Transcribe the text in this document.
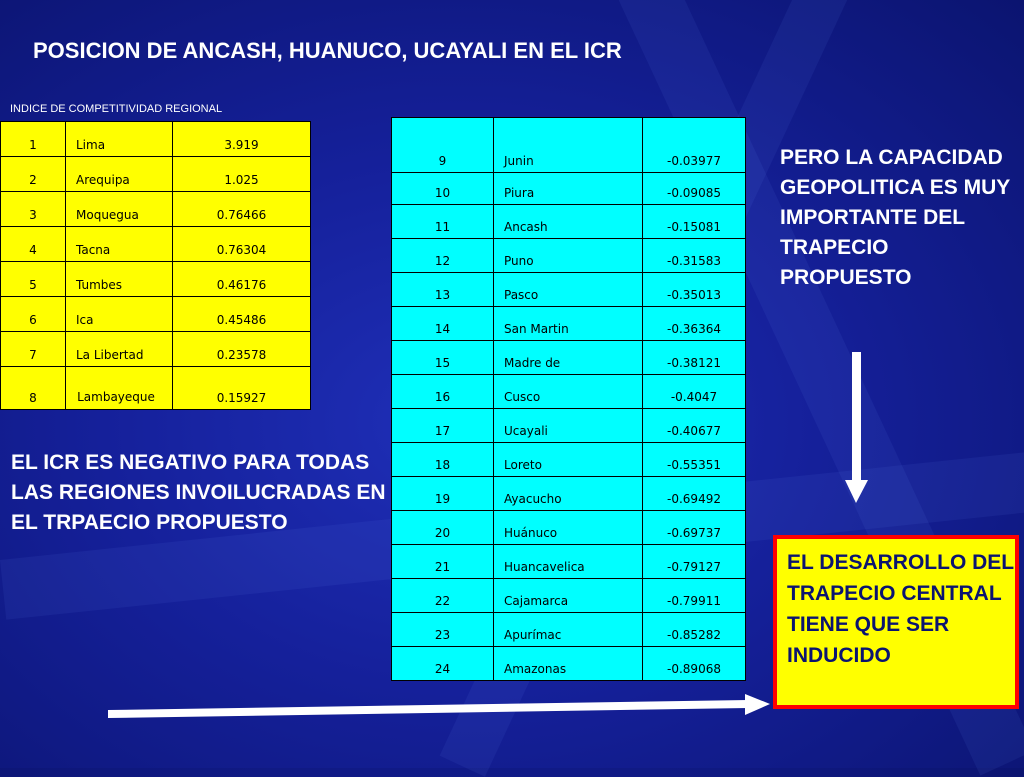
POSICION DE ANCASH, HUANUCO, UCAYALI EN EL ICR
INDICE DE COMPETITIVIDAD REGIONAL
1	Lima	3.919
2	Arequipa	1.025
3	Moquegua	0.76466
4	Tacna	0.76304
5	Tumbes	0.46176
6	Ica	0.45486
7	La Libertad	0.23578
8	Lambayeque	0.15927
9	Junin	-0.03977
10	Piura	-0.09085
11	Ancash	-0.15081
12	Puno	-0.31583
13	Pasco	-0.35013
14	San Martin	-0.36364
15	Madre de	-0.38121
16	Cusco	-0.4047
17	Ucayali	-0.40677
18	Loreto	-0.55351
19	Ayacucho	-0.69492
20	Huánuco	-0.69737
21	Huancavelica	-0.79127
22	Cajamarca	-0.79911
23	Apurímac	-0.85282
24	Amazonas	-0.89068
EL ICR ES NEGATIVO PARA TODAS LAS REGIONES INVOILUCRADAS EN EL TRPAECIO PROPUESTO
PERO LA CAPACIDAD GEOPOLITICA ES MUY IMPORTANTE DEL TRAPECIO PROPUESTO
EL DESARROLLO DEL TRAPECIO CENTRAL TIENE QUE SER INDUCIDO
